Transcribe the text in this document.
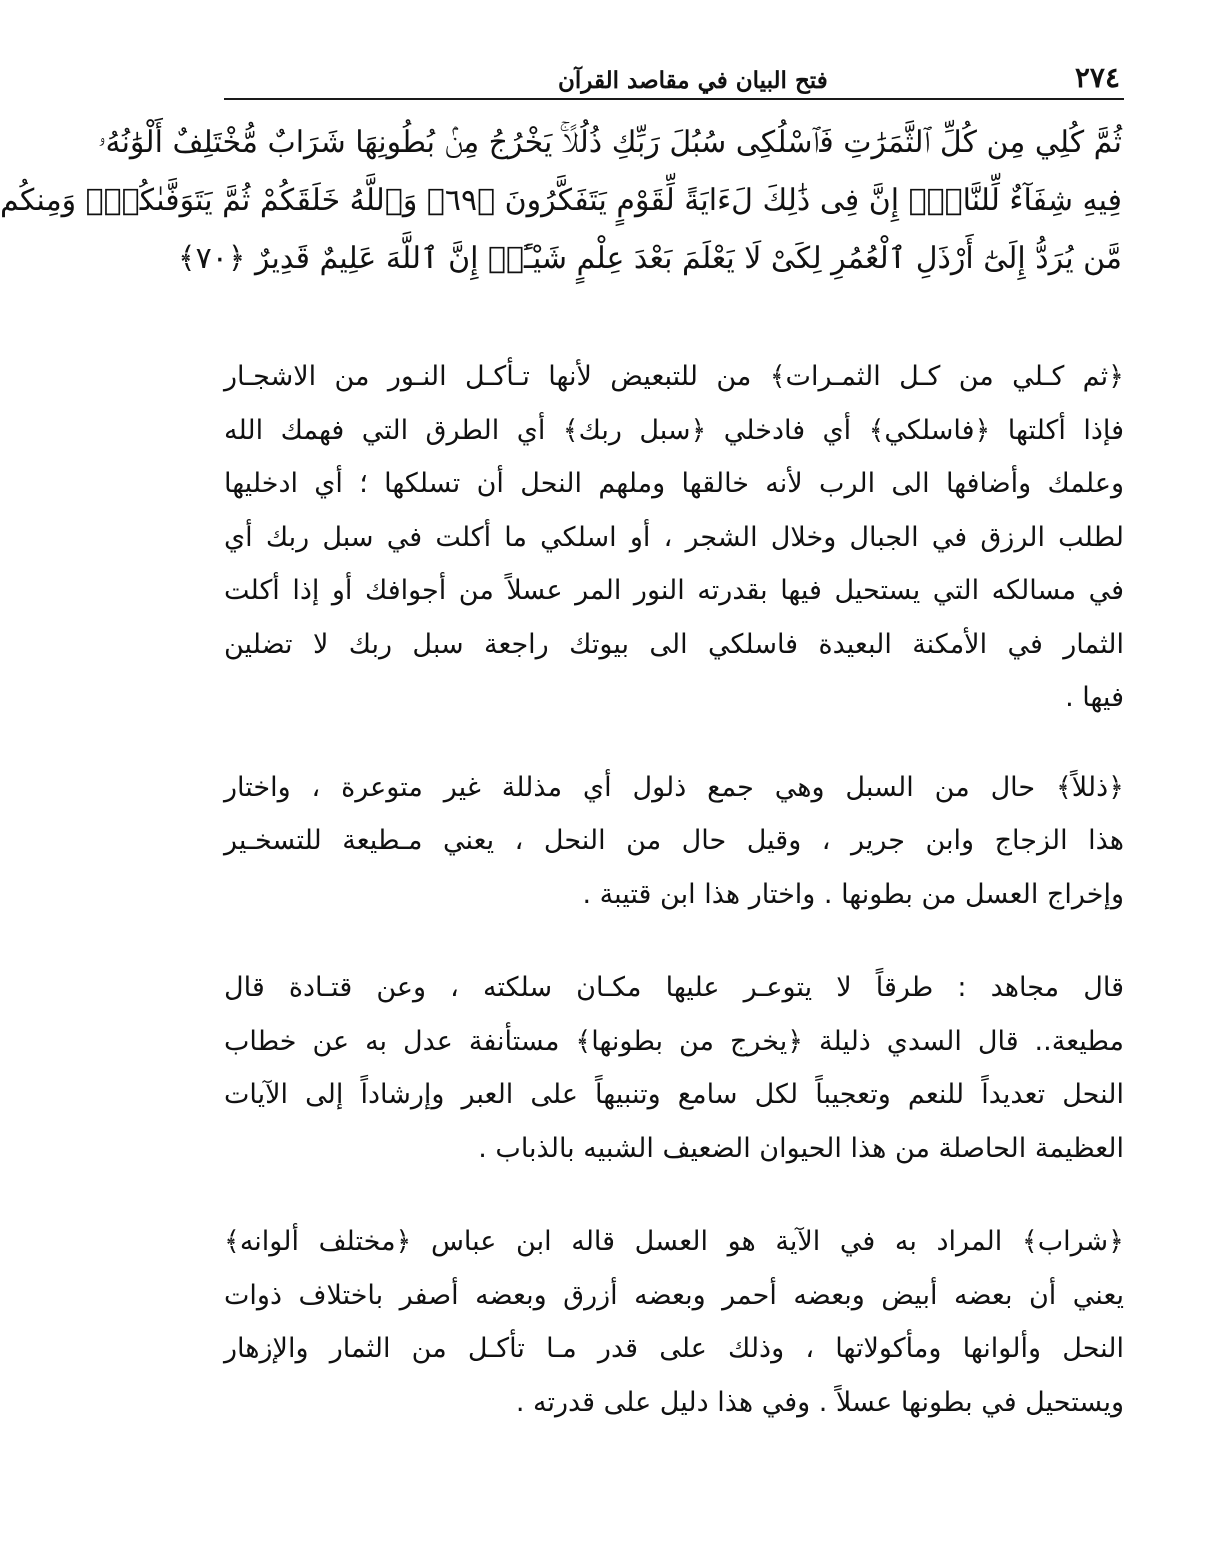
٢٧٤
فتح البيان في مقاصد القرآن
ثُمَّ كُلِي مِن كُلِّ ٱلثَّمَرَٰتِ فَٱسْلُكِى سُبُلَ رَبِّكِ ذُلُلًاۚ يَخْرُجُ مِنۢ بُطُونِهَا شَرَابٌ مُّخْتَلِفٌ أَلْوَٰنُهُۥ
فِيهِ شِفَآءٌ لِّلنَّاسِۗ إِنَّ فِى ذَٰلِكَ لَءَايَةً لِّقَوْمٍ يَتَفَكَّرُونَ ﴿٦٩﴾ وَٱللَّهُ خَلَقَكُمْ ثُمَّ يَتَوَفَّىٰكُمْۚ وَمِنكُم
مَّن يُرَدُّ إِلَىٰٓ أَرْذَلِ ٱلْعُمُرِ لِكَىْ لَا يَعْلَمَ بَعْدَ عِلْمٍ شَيْـًٔاۚ إِنَّ ٱللَّهَ عَلِيمٌ قَدِيرٌ ﴿٧٠﴾
﴿ثم كـلي من كـل الثمـرات﴾ من للتبعيض لأنها تـأكـل النـور من الاشجـار
فإذا أكلتها ﴿فاسلكي﴾ أي فادخلي ﴿سبل ربك﴾ أي الطرق التي فهمك الله
وعلمك وأضافها الى الرب لأنه خالقها وملهم النحل أن تسلكها ؛ أي ادخليها
لطلب الرزق في الجبال وخلال الشجر ، أو اسلكي ما أكلت في سبل ربك أي
في مسالكه التي يستحيل فيها بقدرته النور المر عسلاً من أجوافك أو إذا أكلت
الثمار في الأمكنة البعيدة فاسلكي الى بيوتك راجعة سبل ربك لا تضلين
فيها .
﴿ذللاً﴾ حال من السبل وهي جمع ذلول أي مذللة غير متوعرة ، واختار
هذا الزجاج وابن جرير ، وقيل حال من النحل ، يعني مـطيعة للتسخـير
وإخراج العسل من بطونها . واختار هذا ابن قتيبة .
قال مجاهد : طرقاً لا يتوعـر عليها مكـان سلكته ، وعن قتـادة قال
مطيعة.. قال السدي ذليلة ﴿يخرج من بطونها﴾ مستأنفة عدل به عن خطاب
النحل تعديداً للنعم وتعجيباً لكل سامع وتنبيهاً على العبر وإرشاداً إلى الآيات
العظيمة الحاصلة من هذا الحيوان الضعيف الشبيه بالذباب .
﴿شراب﴾ المراد به في الآية هو العسل قاله ابن عباس ﴿مختلف ألوانه﴾
يعني أن بعضه أبيض وبعضه أحمر وبعضه أزرق وبعضه أصفر باختلاف ذوات
النحل وألوانها ومأكولاتها ، وذلك على قدر مـا تأكـل من الثمار والإزهار
ويستحيل في بطونها عسلاً . وفي هذا دليل على قدرته .
